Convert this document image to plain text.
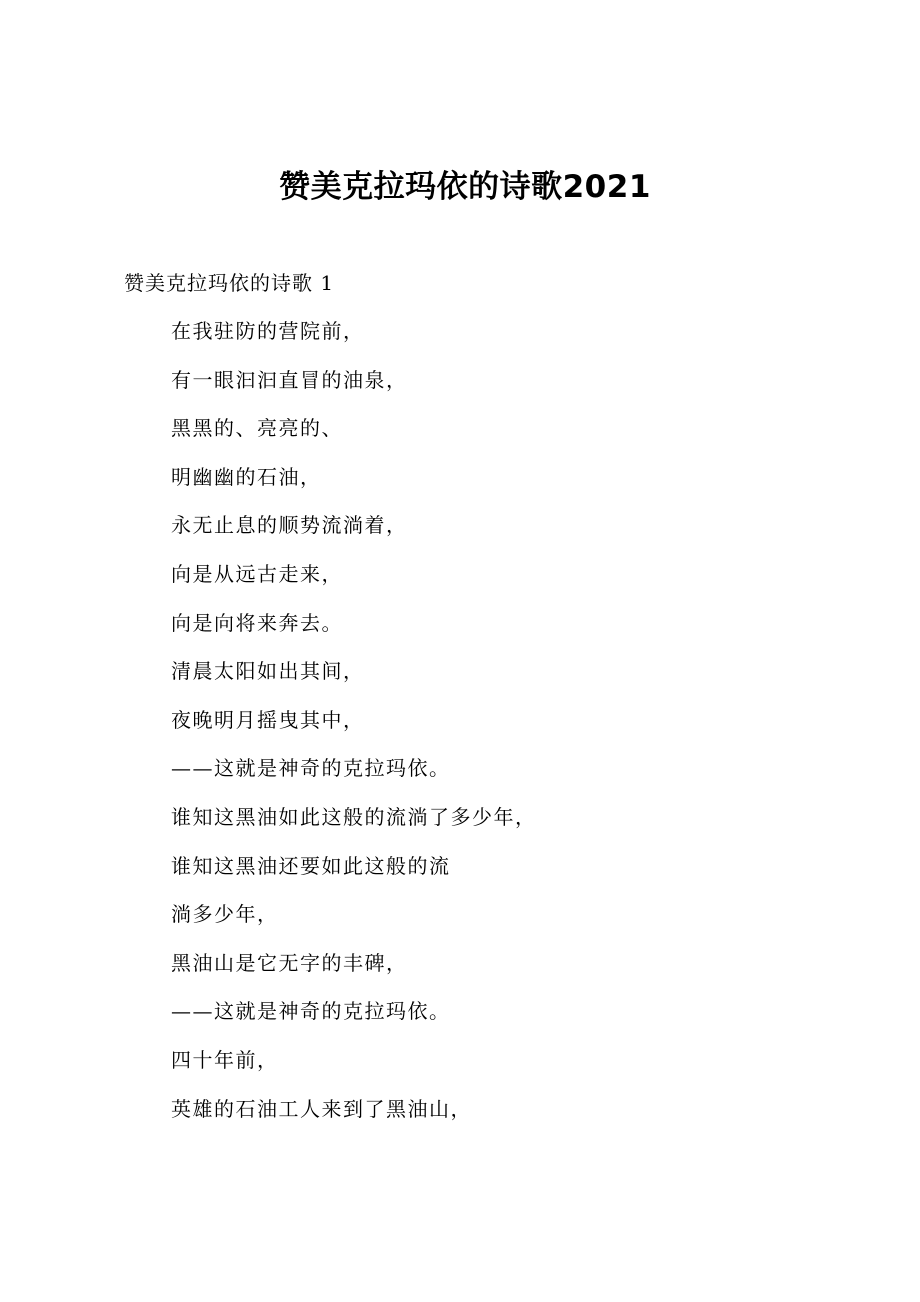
赞美克拉玛依的诗歌2021
赞美克拉玛依的诗歌 1
在我驻防的营院前，
有一眼汩汩直冒的油泉，
黑黑的、亮亮的、
明幽幽的石油，
永无止息的顺势流淌着，
向是从远古走来，
向是向将来奔去。
清晨太阳如出其间，
夜晚明月摇曳其中，
——这就是神奇的克拉玛依。
谁知这黑油如此这般的流淌了多少年，
谁知这黑油还要如此这般的流
淌多少年，
黑油山是它无字的丰碑，
——这就是神奇的克拉玛依。
四十年前，
英雄的石油工人来到了黑油山，
